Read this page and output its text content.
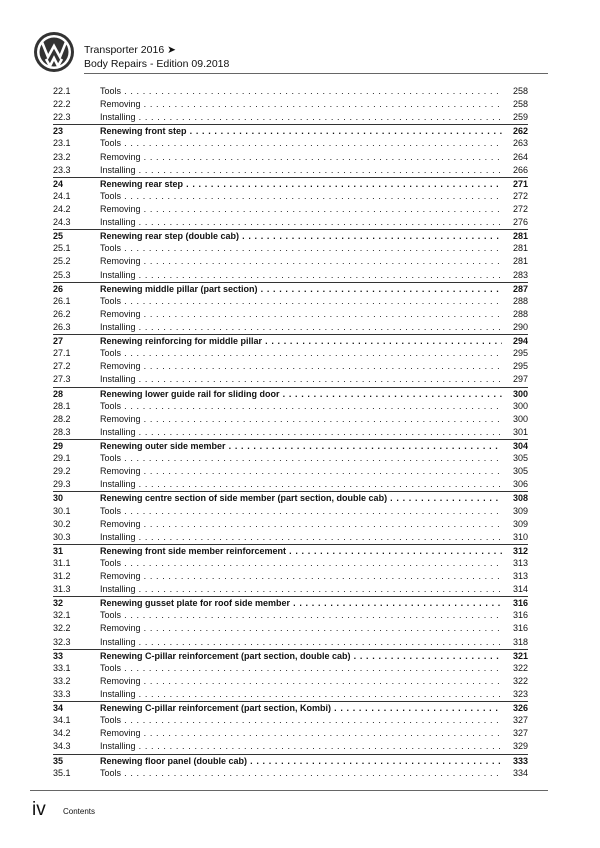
Transporter 2016 ➤
Body Repairs - Edition 09.2018
22.1	Tools . . .	258
22.2	Removing . . .	258
22.3	Installing . . .	259
23	Renewing front step . . .	262
23.1	Tools . . .	263
23.2	Removing . . .	264
23.3	Installing . . .	266
24	Renewing rear step . . .	271
24.1	Tools . . .	272
24.2	Removing . . .	272
24.3	Installing . . .	276
25	Renewing rear step (double cab) . . .	281
25.1	Tools . . .	281
25.2	Removing . . .	281
25.3	Installing . . .	283
26	Renewing middle pillar (part section) . . .	287
26.1	Tools . . .	288
26.2	Removing . . .	288
26.3	Installing . . .	290
27	Renewing reinforcing for middle pillar . . .	294
27.1	Tools . . .	295
27.2	Removing . . .	295
27.3	Installing . . .	297
28	Renewing lower guide rail for sliding door . . .	300
28.1	Tools . . .	300
28.2	Removing . . .	300
28.3	Installing . . .	301
29	Renewing outer side member . . .	304
29.1	Tools . . .	305
29.2	Removing . . .	305
29.3	Installing . . .	306
30	Renewing centre section of side member (part section, double cab) . . .	308
30.1	Tools . . .	309
30.2	Removing . . .	309
30.3	Installing . . .	310
31	Renewing front side member reinforcement . . .	312
31.1	Tools . . .	313
31.2	Removing . . .	313
31.3	Installing . . .	314
32	Renewing gusset plate for roof side member . . .	316
32.1	Tools . . .	316
32.2	Removing . . .	316
32.3	Installing . . .	318
33	Renewing C-pillar reinforcement (part section, double cab) . . .	321
33.1	Tools . . .	322
33.2	Removing . . .	322
33.3	Installing . . .	323
34	Renewing C-pillar reinforcement (part section, Kombi) . . .	326
34.1	Tools . . .	327
34.2	Removing . . .	327
34.3	Installing . . .	329
35	Renewing floor panel (double cab) . . .	333
35.1	Tools . . .	334
iv Contents
